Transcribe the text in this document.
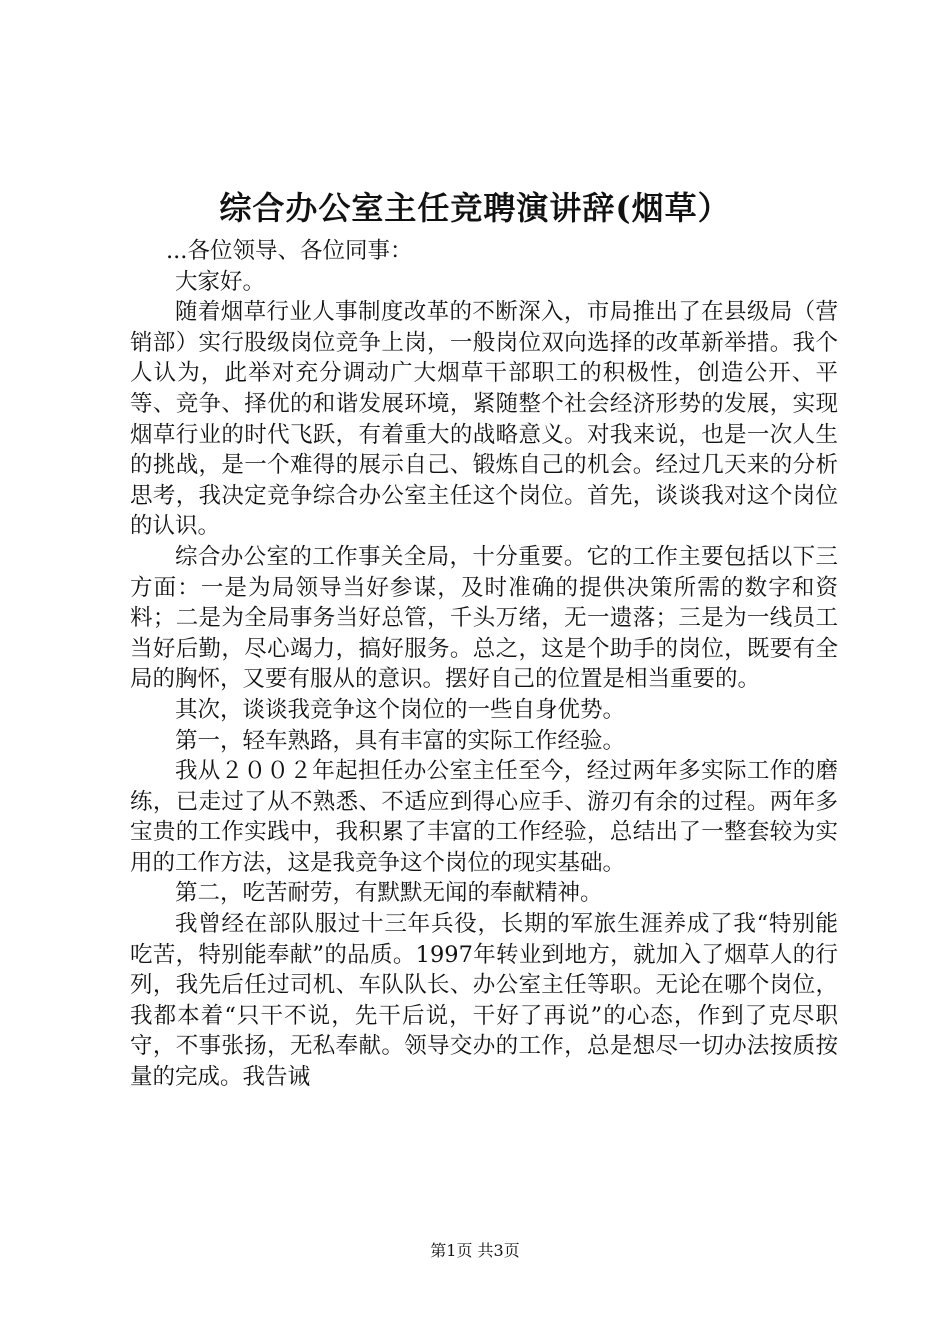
综合办公室主任竞聘演讲辞(烟草）

...各位领导、各位同事：

大家好。

随着烟草行业人事制度改革的不断深入，市局推出了在县级局（营销部）实行股级岗位竞争上岗，一般岗位双向选择的改革新举措。我个人认为，此举对充分调动广大烟草干部职工的积极性，创造公开、平等、竞争、择优的和谐发展环境，紧随整个社会经济形势的发展，实现烟草行业的时代飞跃，有着重大的战略意义。对我来说，也是一次人生的挑战，是一个难得的展示自己、锻炼自己的机会。经过几天来的分析思考，我决定竞争综合办公室主任这个岗位。首先，谈谈我对这个岗位的认识。

综合办公室的工作事关全局，十分重要。它的工作主要包括以下三方面：一是为局领导当好参谋，及时准确的提供决策所需的数字和资料；二是为全局事务当好总管，千头万绪，无一遗落；三是为一线员工当好后勤，尽心竭力，搞好服务。总之，这是个助手的岗位，既要有全局的胸怀，又要有服从的意识。摆好自己的位置是相当重要的。

其次，谈谈我竞争这个岗位的一些自身优势。

第一，轻车熟路，具有丰富的实际工作经验。

我从２００２年起担任办公室主任至今，经过两年多实际工作的磨练，已走过了从不熟悉、不适应到得心应手、游刃有余的过程。两年多宝贵的工作实践中，我积累了丰富的工作经验，总结出了一整套较为实用的工作方法，这是我竞争这个岗位的现实基础。

第二，吃苦耐劳，有默默无闻的奉献精神。

我曾经在部队服过十三年兵役，长期的军旅生涯养成了我“特别能吃苦，特别能奉献”的品质。1997年转业到地方，就加入了烟草人的行列，我先后任过司机、车队队长、办公室主任等职。无论在哪个岗位，我都本着“只干不说，先干后说，干好了再说”的心态，作到了克尽职守，不事张扬，无私奉献。领导交办的工作，总是想尽一切办法按质按量的完成。我告诫

第1页 共3页
